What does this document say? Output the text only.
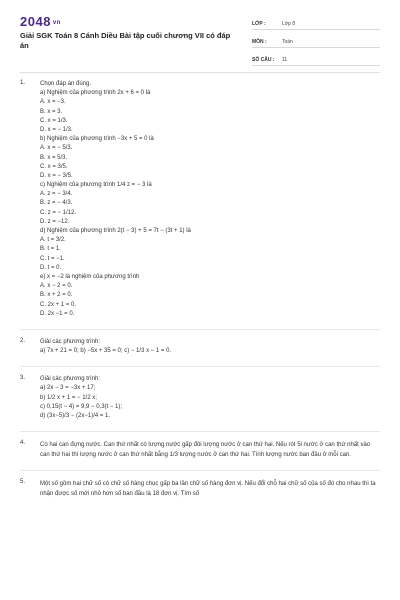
2048 vn
Giải SGK Toán 8 Cánh Diều Bài tập cuối chương VII có đáp án
LỚP :	Lớp 8
MÔN :	Toán
SỐ CÂU :	11
1. Chọn đáp án đúng.
a) Nghiệm của phương trình 2x + 6 = 0 là
A. x = −3.
B. x = 3.
C. x = 1/3.
D. x = − 1/3.
b) Nghiệm của phương trình −3x + 5 = 0 là
A. x = − 5/3.
B. x = 5/3.
C. x = 3/5.
D. x = − 3/5.
c) Nghiệm của phương trình 1/4 z = − 3 là
A. z = − 3/4.
B. z = − 4/3.
C. z = − 1/12.
D. z = −12.
d) Nghiệm của phương trình 2(t − 3) + 5 = 7t − (3t + 1) là
A. t = 3/2.
B. t = 1.
C. t = −1.
D. t = 0.
e) x = −2 là nghiệm của phương trình
A. x − 2 = 0.
B. x + 2 = 0.
C. 2x + 1 = 0.
D. 2x −1 = 0.
2. Giải các phương trình:
a) 7x + 21 = 0; b) −5x + 35 = 0; c) − 1/3 x − 1 = 0.
3. Giải các phương trình:
a) 2x − 3 = −3x + 17;
b) 1/2 x + 1 = − 1/2 x;
c) 0,15(t − 4) = 9,9 − 0,3(t − 1);
d) (3x−5)/3 − (2x−1)/4 = 1.
4. Có hai can đựng nước. Can thứ nhất có lượng nước gấp đôi lượng nước ở can thứ hai. Nếu rót 5l nước ở can thứ nhất vào can thứ hai thì lượng nước ở can thứ nhất bằng 1/3 lượng nước ở can thứ hai. Tính lượng nước ban đầu ở mỗi can.
5. Một số gồm hai chữ số có chữ số hàng chục gấp ba lần chữ số hàng đơn vị. Nếu đổi chỗ hai chữ số của số đó cho nhau thì ta nhận được số mới nhỏ hơn số ban đầu là 18 đơn vị. Tìm số
